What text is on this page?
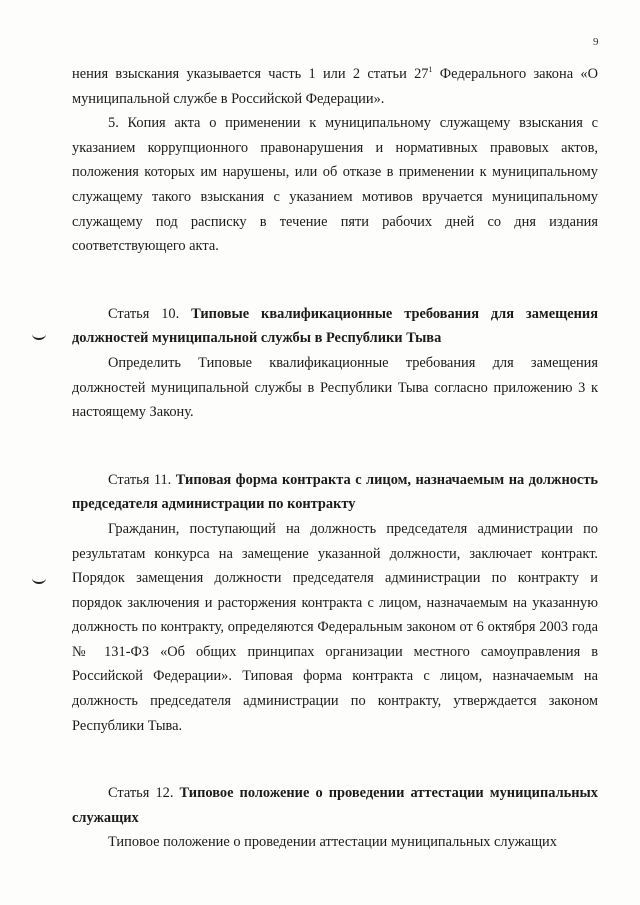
9

нения взыскания указывается часть 1 или 2 статьи $27^1$ Федерального закона «О муниципальной службе в Российской Федерации».

5. Копия акта о применении к муниципальному служащему взыскания с указанием коррупционного правонарушения и нормативных правовых актов, положения которых им нарушены, или об отказе в применении к муниципальному служащему такого взыскания с указанием мотивов вручается муниципальному служащему под расписку в течение пяти рабочих дней со дня издания соответствующего акта.

Статья 10. Типовые квалификационные требования для замещения должностей муниципальной службы в Республики Тыва

Определить Типовые квалификационные требования для замещения должностей муниципальной службы в Республики Тыва согласно приложению 3 к настоящему Закону.

Статья 11. Типовая форма контракта с лицом, назначаемым на должность председателя администрации по контракту

Гражданин, поступающий на должность председателя администрации по результатам конкурса на замещение указанной должности, заключает контракт. Порядок замещения должности председателя администрации по контракту и порядок заключения и расторжения контракта с лицом, назначаемым на указанную должность по контракту, определяются Федеральным законом от 6 октября 2003 года № 131-ФЗ «Об общих принципах организации местного самоуправления в Российской Федерации». Типовая форма контракта с лицом, назначаемым на должность председателя администрации по контракту, утверждается законом Республики Тыва.

Статья 12. Типовое положение о проведении аттестации муниципальных служащих

Типовое положение о проведении аттестации муниципальных служащих
